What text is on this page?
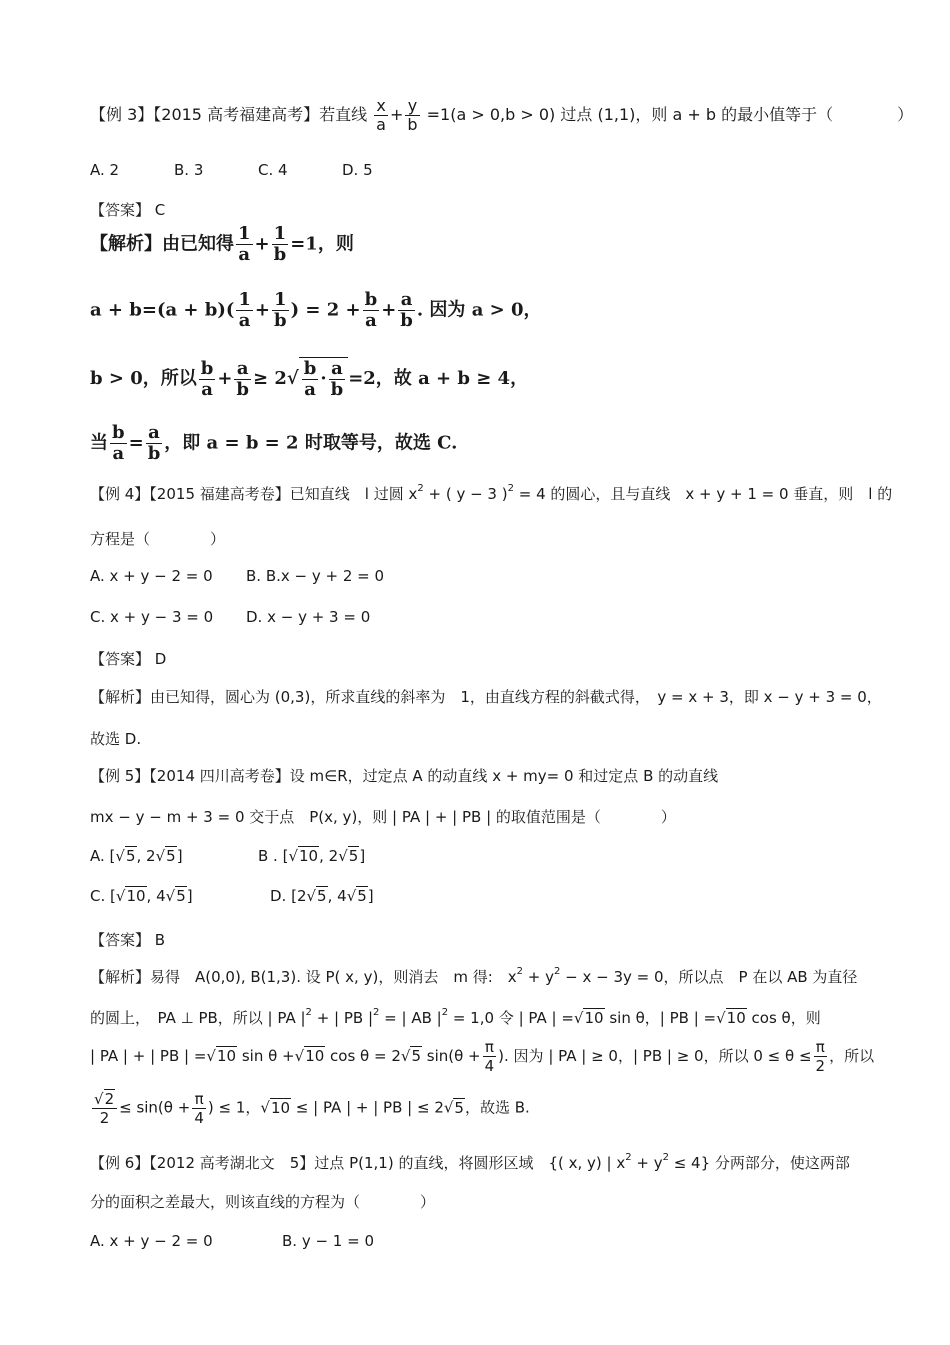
【例 3】【2015 高考福建高考】若直线 $\frac{x}{a} + \frac{y}{b} =1(a > 0,b > 0)$ 过点 (1,1)，则 a + b 的最小值等于（　　　　）
A. 2	B. 3	C. 4	D. 5
【答案】 C
【解析】由已知得 $\frac{1}{a} + \frac{1}{b} =1$，则
$a + b=(a + b)( \frac{1}{a} + \frac{1}{b}$ ) = $2 + \frac{b}{a} + \frac{a}{b}$ . 因为 a > 0，
b > 0，所以 $\frac{b}{a} + \frac{a}{b} \ge 2√ \frac{b}{a} \cdot \frac{a}{b} =2$，故 a + b ≥ 4，
当 $\frac{b}{a} = \frac{a}{b}$ ，即 a = b = 2 时取等号，故选 C.
【例 4】【2015 福建高考卷】已知直线　l 过圆 $x^2$ + ( y − 3 )$^2$ = 4 的圆心，且与直线　x + y + 1 = 0 垂直，则　l 的
方程是（　　　　）
A. x + y − 2 = 0 B. B.x − y + 2 = 0
C. x + y − 3 = 0 D. x − y + 3 = 0
【答案】 D
【解析】由已知得，圆心为 (0,3)，所求直线的斜率为　1，由直线方程的斜截式得，　y = x + 3，即 x − y + 3 = 0，
故选 D.
【例 5】【2014 四川高考卷】设 m∈R，过定点 A 的动直线 x + my= 0 和过定点 B 的动直线
mx − y − m + 3 = 0 交于点　P(x, y)，则 | PA | + | PB | 的取值范围是（　　　　）
A. [√5, 2√5]	B . [√10, 2√5]
C. [√10, 4√5]	D. [2√5, 4√5]
【答案】 B
【解析】易得　A(0,0), B(1,3). 设 P( x, y)，则消去　m 得:　$x^2 + y^2 - x - 3y = 0$，所以点　P 在以 AB 为直径
的圆上，　PA ⊥ PB，所以 | PA $|^2$ + | PB $|^2$ = | AB $|^2 = 1,0$ 令 | PA | =√10 sin θ，| PB | =√10 cos θ，则
| PA | + | PB | =√10 sin θ +√10 cos θ = 2√5 $\sin(\theta + \frac{\pi}{4}$ ). 因为 | PA | ≥ 0，| PB | ≥ 0，所以 $0 \le \theta \le \frac{\pi}{2}$ ，所以
$\frac{√2}{2} \le \sin(\theta + \frac{\pi}{4}$ ) ≤ 1，√10 ≤ | PA | + | PB | ≤ 2√5，故选 B.
【例 6】【2012 高考湖北文　5】过点 P(1,1) 的直线，将圆形区域　{( x, y) | $x^2 + y^2 \le 4$} 分两部分，使这两部
分的面积之差最大，则该直线的方程为（　　　　）
A. x + y − 2 = 0	B. y − 1 = 0
